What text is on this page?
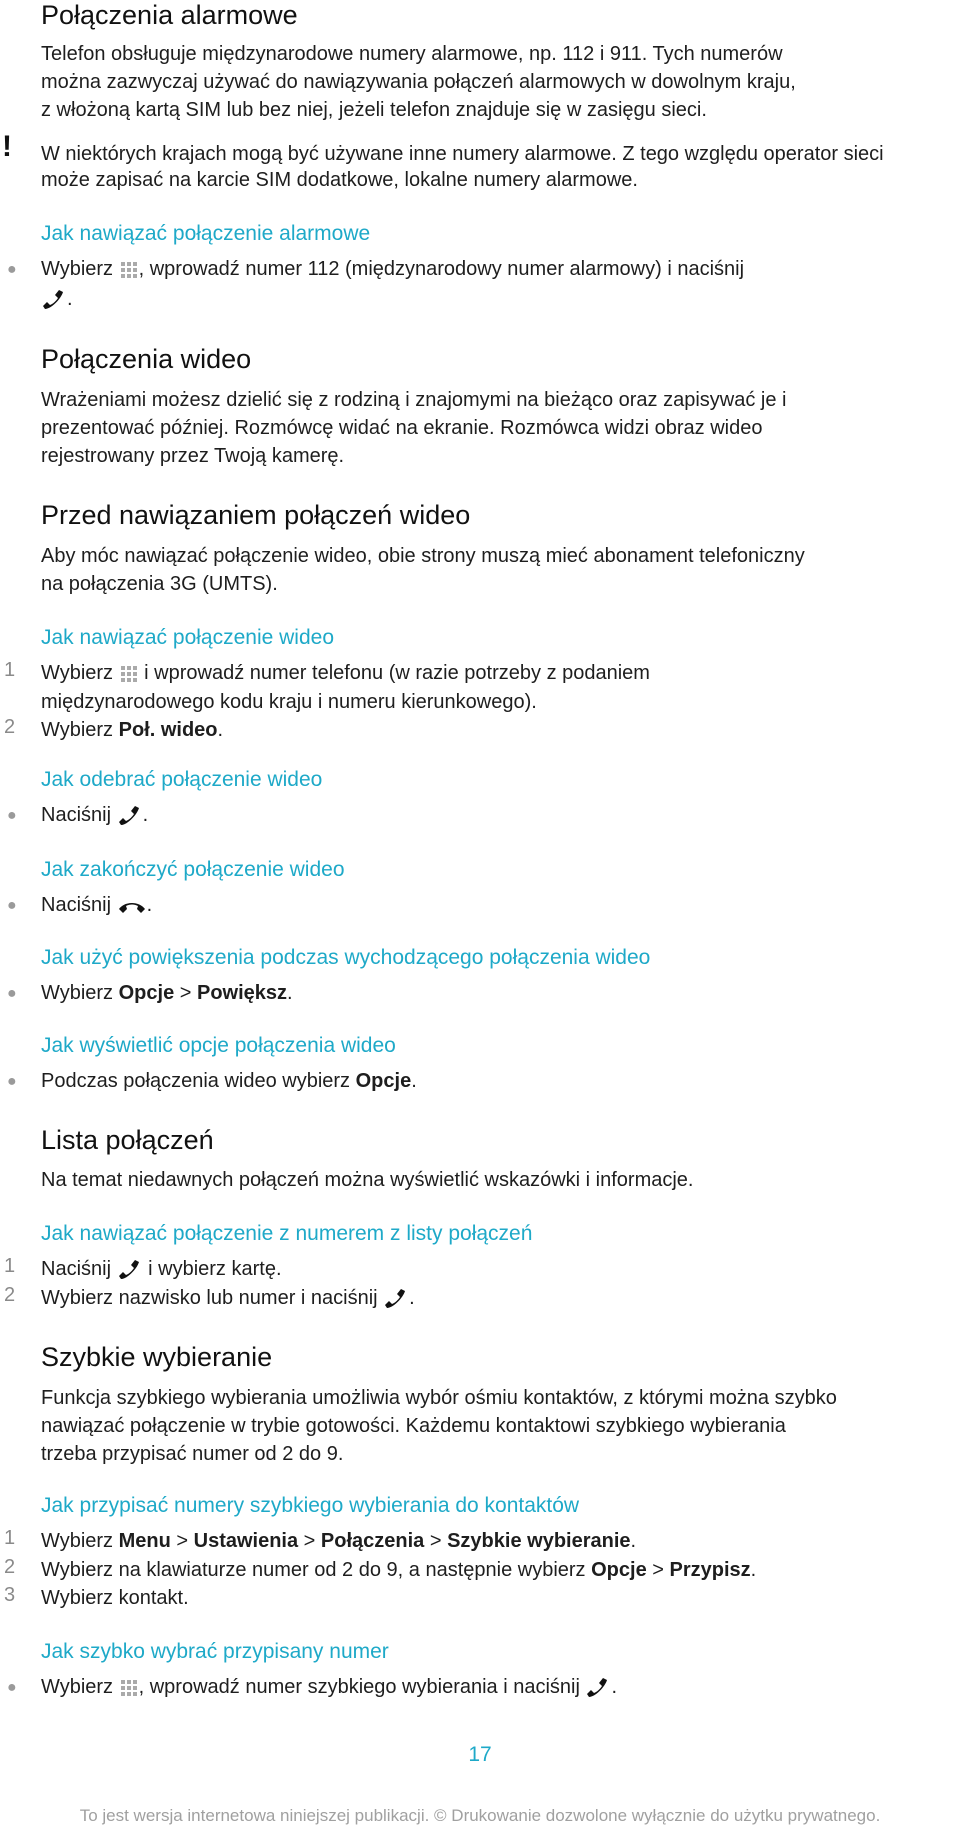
Połączenia alarmowe
Telefon obsługuje międzynarodowe numery alarmowe, np. 112 i 911. Tych numerów
można zazwyczaj używać do nawiązywania połączeń alarmowych w dowolnym kraju,
z włożoną kartą SIM lub bez niej, jeżeli telefon znajduje się w zasięgu sieci.
! W niektórych krajach mogą być używane inne numery alarmowe. Z tego względu operator sieci
może zapisać na karcie SIM dodatkowe, lokalne numery alarmowe.
Jak nawiązać połączenie alarmowe
● Wybierz , wprowadź numer 112 (międzynarodowy numer alarmowy) i naciśnij
.
Połączenia wideo
Wrażeniami możesz dzielić się z rodziną i znajomymi na bieżąco oraz zapisywać je i
prezentować później. Rozmówcę widać na ekranie. Rozmówca widzi obraz wideo
rejestrowany przez Twoją kamerę.
Przed nawiązaniem połączeń wideo
Aby móc nawiązać połączenie wideo, obie strony muszą mieć abonament telefoniczny
na połączenia 3G (UMTS).
Jak nawiązać połączenie wideo
1 Wybierz  i wprowadź numer telefonu (w razie potrzeby z podaniem
międzynarodowego kodu kraju i numeru kierunkowego).
2 Wybierz Poł. wideo.
Jak odebrać połączenie wideo
● Naciśnij .
Jak zakończyć połączenie wideo
● Naciśnij .
Jak użyć powiększenia podczas wychodzącego połączenia wideo
● Wybierz Opcje > Powiększ.
Jak wyświetlić opcje połączenia wideo
● Podczas połączenia wideo wybierz Opcje.
Lista połączeń
Na temat niedawnych połączeń można wyświetlić wskazówki i informacje.
Jak nawiązać połączenie z numerem z listy połączeń
1 Naciśnij  i wybierz kartę.
2 Wybierz nazwisko lub numer i naciśnij .
Szybkie wybieranie
Funkcja szybkiego wybierania umożliwia wybór ośmiu kontaktów, z którymi można szybko
nawiązać połączenie w trybie gotowości. Każdemu kontaktowi szybkiego wybierania
trzeba przypisać numer od 2 do 9.
Jak przypisać numery szybkiego wybierania do kontaktów
1 Wybierz Menu > Ustawienia > Połączenia > Szybkie wybieranie.
2 Wybierz na klawiaturze numer od 2 do 9, a następnie wybierz Opcje > Przypisz.
3 Wybierz kontakt.
Jak szybko wybrać przypisany numer
● Wybierz , wprowadź numer szybkiego wybierania i naciśnij .
17
To jest wersja internetowa niniejszej publikacji. © Drukowanie dozwolone wyłącznie do użytku prywatnego.
